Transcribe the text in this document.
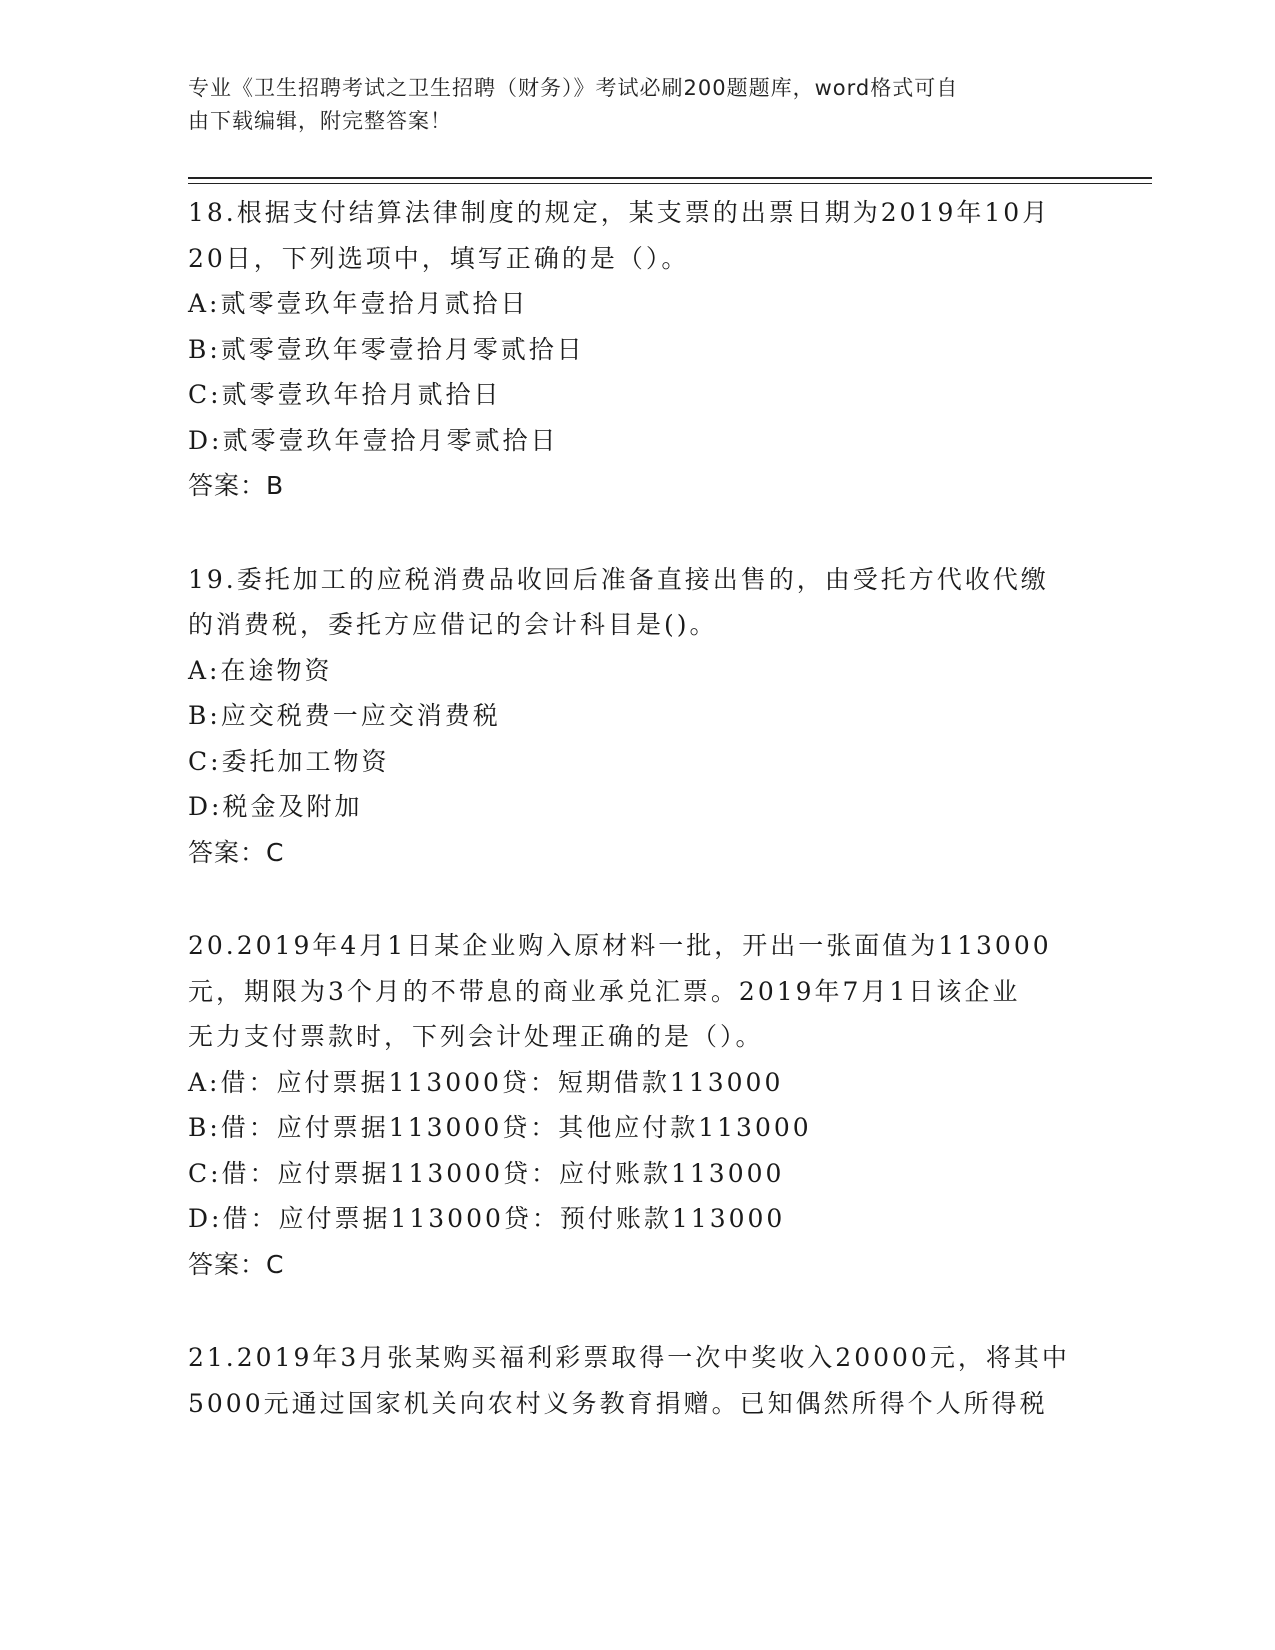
专业《卫生招聘考试之卫生招聘（财务）》考试必刷200题题库，word格式可自
由下载编辑，附完整答案！
18.根据支付结算法律制度的规定，某支票的出票日期为2019年10月
20日，下列选项中，填写正确的是（）。
A:贰零壹玖年壹拾月贰拾日
B:贰零壹玖年零壹拾月零贰拾日
C:贰零壹玖年拾月贰拾日
D:贰零壹玖年壹拾月零贰拾日
答案：B
19.委托加工的应税消费品收回后准备直接出售的，由受托方代收代缴
的消费税，委托方应借记的会计科目是()。
A:在途物资
B:应交税费一应交消费税
C:委托加工物资
D:税金及附加
答案：C
20.2019年4月1日某企业购入原材料一批，开出一张面值为113000
元，期限为3个月的不带息的商业承兑汇票。2019年7月1日该企业
无力支付票款时，下列会计处理正确的是（）。
A:借：应付票据113000贷：短期借款113000
B:借：应付票据113000贷：其他应付款113000
C:借：应付票据113000贷：应付账款113000
D:借：应付票据113000贷：预付账款113000
答案：C
21.2019年3月张某购买福利彩票取得一次中奖收入20000元，将其中
5000元通过国家机关向农村义务教育捐赠。已知偶然所得个人所得税
